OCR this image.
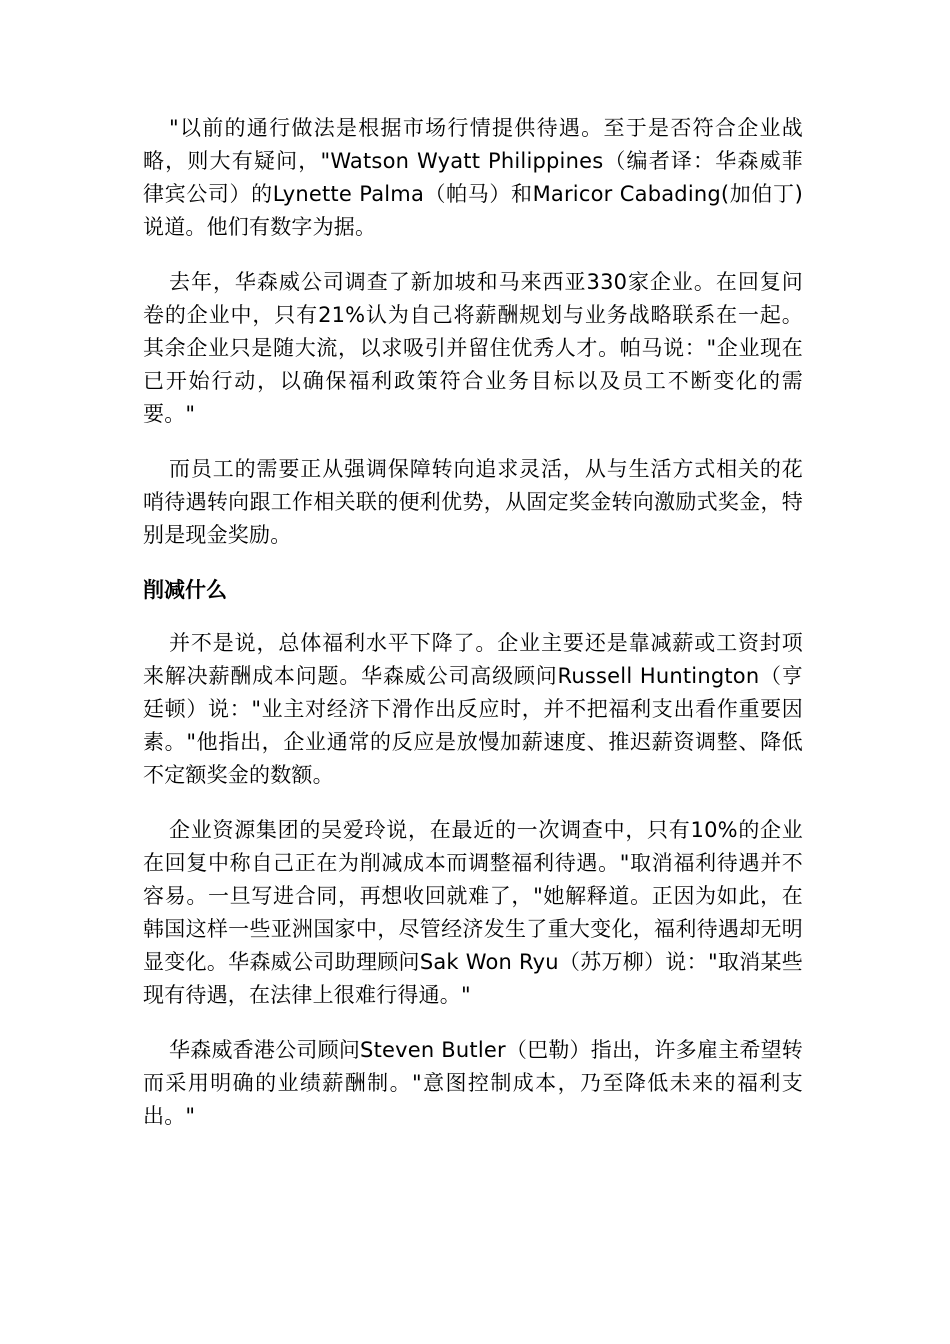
"以前的通行做法是根据市场行情提供待遇。至于是否符合企业战略，则大有疑问，"Watson Wyatt Philippines（编者译：华森威菲律宾公司）的Lynette Palma（帕马）和Maricor Cabading(加伯丁)说道。他们有数字为据。

去年，华森威公司调查了新加坡和马来西亚330家企业。在回复问卷的企业中，只有21%认为自己将薪酬规划与业务战略联系在一起。其余企业只是随大流，以求吸引并留住优秀人才。帕马说："企业现在已开始行动，以确保福利政策符合业务目标以及员工不断变化的需要。"

而员工的需要正从强调保障转向追求灵活，从与生活方式相关的花哨待遇转向跟工作相关联的便利优势，从固定奖金转向激励式奖金，特别是现金奖励。

削减什么

并不是说，总体福利水平下降了。企业主要还是靠减薪或工资封项来解决薪酬成本问题。华森威公司高级顾问Russell Huntington（亨廷顿）说："业主对经济下滑作出反应时，并不把福利支出看作重要因素。"他指出，企业通常的反应是放慢加薪速度、推迟薪资调整、降低不定额奖金的数额。

企业资源集团的吴爱玲说，在最近的一次调查中，只有10%的企业在回复中称自己正在为削减成本而调整福利待遇。"取消福利待遇并不容易。一旦写进合同，再想收回就难了，"她解释道。正因为如此，在韩国这样一些亚洲国家中，尽管经济发生了重大变化，福利待遇却无明显变化。华森威公司助理顾问Sak Won Ryu（苏万柳）说："取消某些现有待遇，在法律上很难行得通。"

华森威香港公司顾问Steven Butler（巴勒）指出，许多雇主希望转而采用明确的业绩薪酬制。"意图控制成本，乃至降低未来的福利支出。"
